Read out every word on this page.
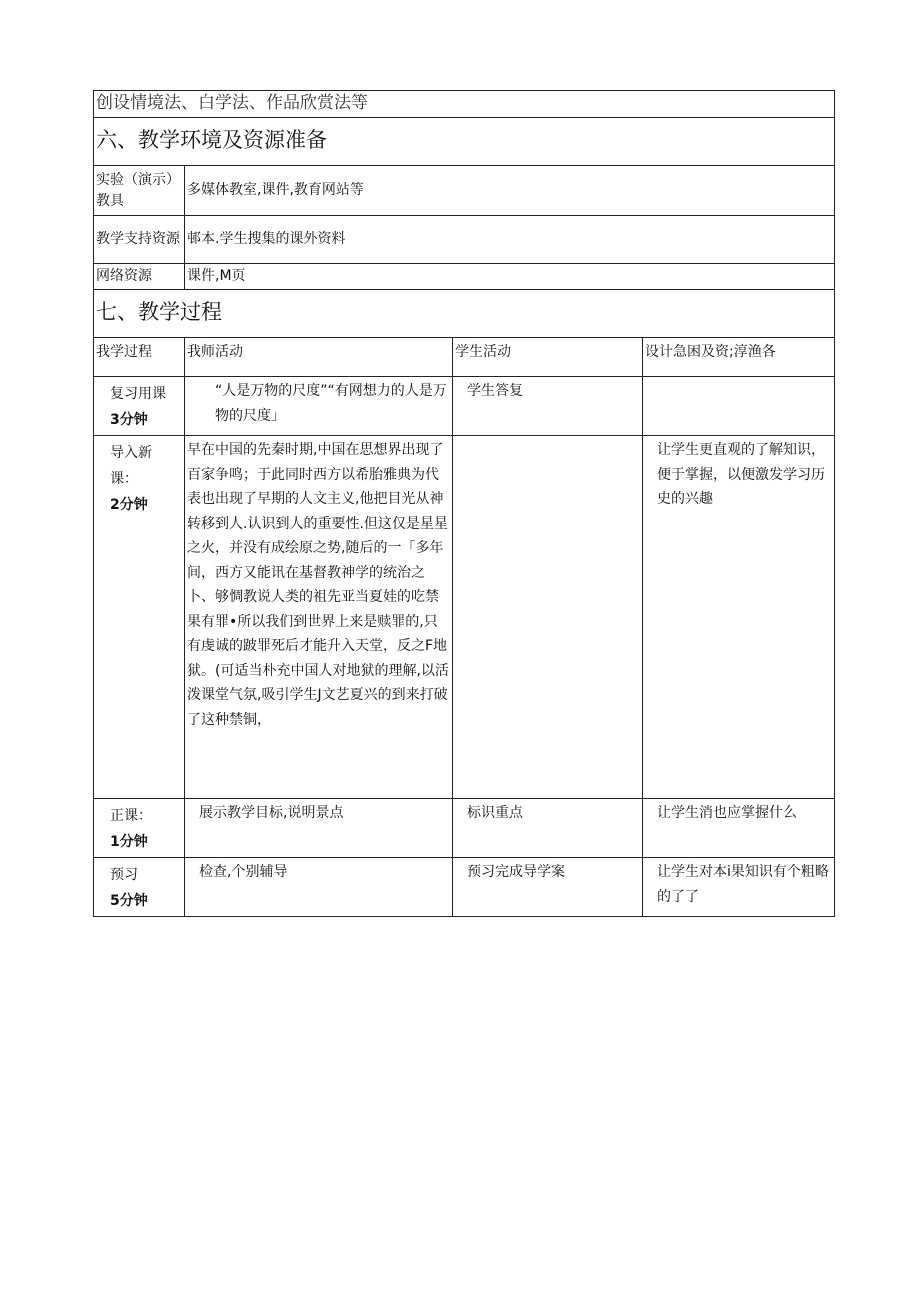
创设情境法、白学法、作品欣赏法等	
六、教学环境及资源准备	
实验（演示）教具	多媒体教室,课件,教育网站等
教学支持资源	邨本.学生搜集的课外资料
网络资源	课件,M页
七、教学过程	
我学过程	我师活动	学生活动	设计急困及资;淳渔各

复习用课
3分钟	“人是万物的尺度”“有网想力的人是万物的尺度」	学生答复	

导入新课：
2分钟	早在中国的先秦时期,中国在思想界出现了百家争鸣；于此同时西方以希胎雅典为代表也出现了早期的人文主义,他把目光从神转移到人.认识到人的重要性.但这仅是星星之火，并没有成绘原之势,随后的一「多年间，西方又能讯在基督教神学的统治之卜、够惆教说人类的祖先亚当夏娃的吃禁果有罪•所以我们到世界上来是赎罪的,只有虔诚的跛罪死后才能升入天堂，反之F地狱。(可适当朴充中国人对地狱的理解,以活泼课堂气氛,吸引学生J文艺夏兴的到来打破了这种禁铜，		让学生更直观的了解知识，便于掌握，以便激发学习历史的兴趣

正课：
1分钟	展示教学目标,说明景点	标识重点	让学生消也应掌握什么

预习
5分钟	检查,个别辅导	预习完成导学案	让学生对本i果知识有个粗略的了了
